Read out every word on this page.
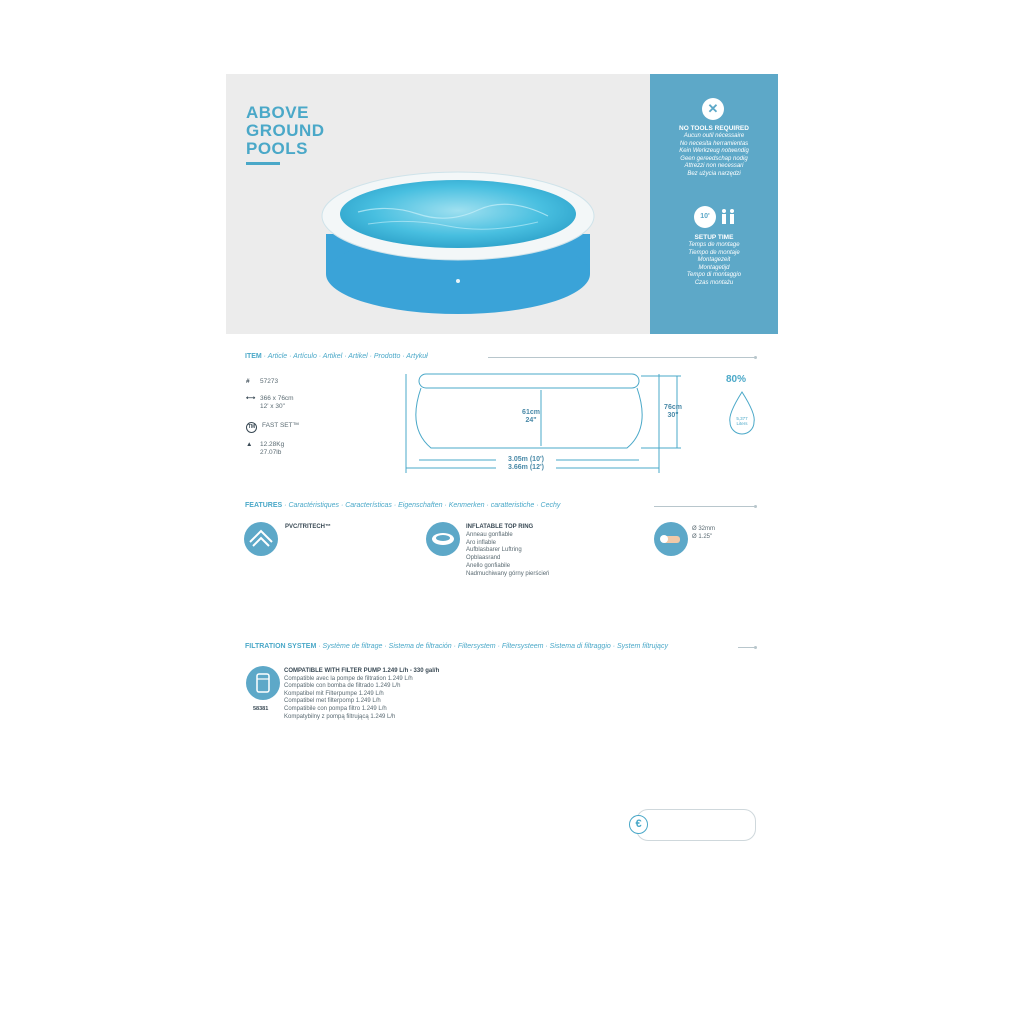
ABOVE
GROUND
POOLS
✕
NO TOOLS REQUIRED
Aucun outil nécessaire
No necesita herramientas
Kein Werkzeug notwendig
Geen gereedschap nodig
Attrezzi non necessari
Bez użycia narzędzi
10'
SETUP TIME
Temps de montage
Tiempo de montaje
Montagezeit
Montagetijd
Tempo di montaggio
Czas montażu
ITEM · Article · Artículo · Artikel · Artikel · Prodotto · Artykuł
# 57273
⟷ 366 x 76cm
12' x 30"
TM FAST SET™
▲ 12.28Kg
27.07lb
61cm
24"
76cm
30"
3.05m (10')
3.66m (12')
80%
5,377
Liters
FEATURES · Caractéristiques · Características · Eigenschaften · Kenmerken · caratteristiche · Cechy
PVC/TRITECH™	INFLATABLE TOP RING
Anneau gonflable
Aro inflable
Aufblasbarer Luftring
Opblaasrand
Anello gonfiabile
Nadmuchiwany górny pierścień
Ø 32mm
Ø 1.25"
FILTRATION SYSTEM · Système de filtrage · Sistema de filtración · Filtersystem · Filtersysteem · Sistema di filtraggio · System filtrujący
58381
COMPATIBLE WITH FILTER PUMP 1.249 L/h - 330 gal/h
Compatible avec la pompe de filtration 1.249 L/h
Compatible con bomba de filtrado 1.249 L/h
Kompatibel mit Filterpumpe 1.249 L/h
Compatibel met filterpomp 1.249 L/h
Compatibile con pompa filtro 1.249 L/h
Kompatybilny z pompą filtrującą 1.249 L/h
€
